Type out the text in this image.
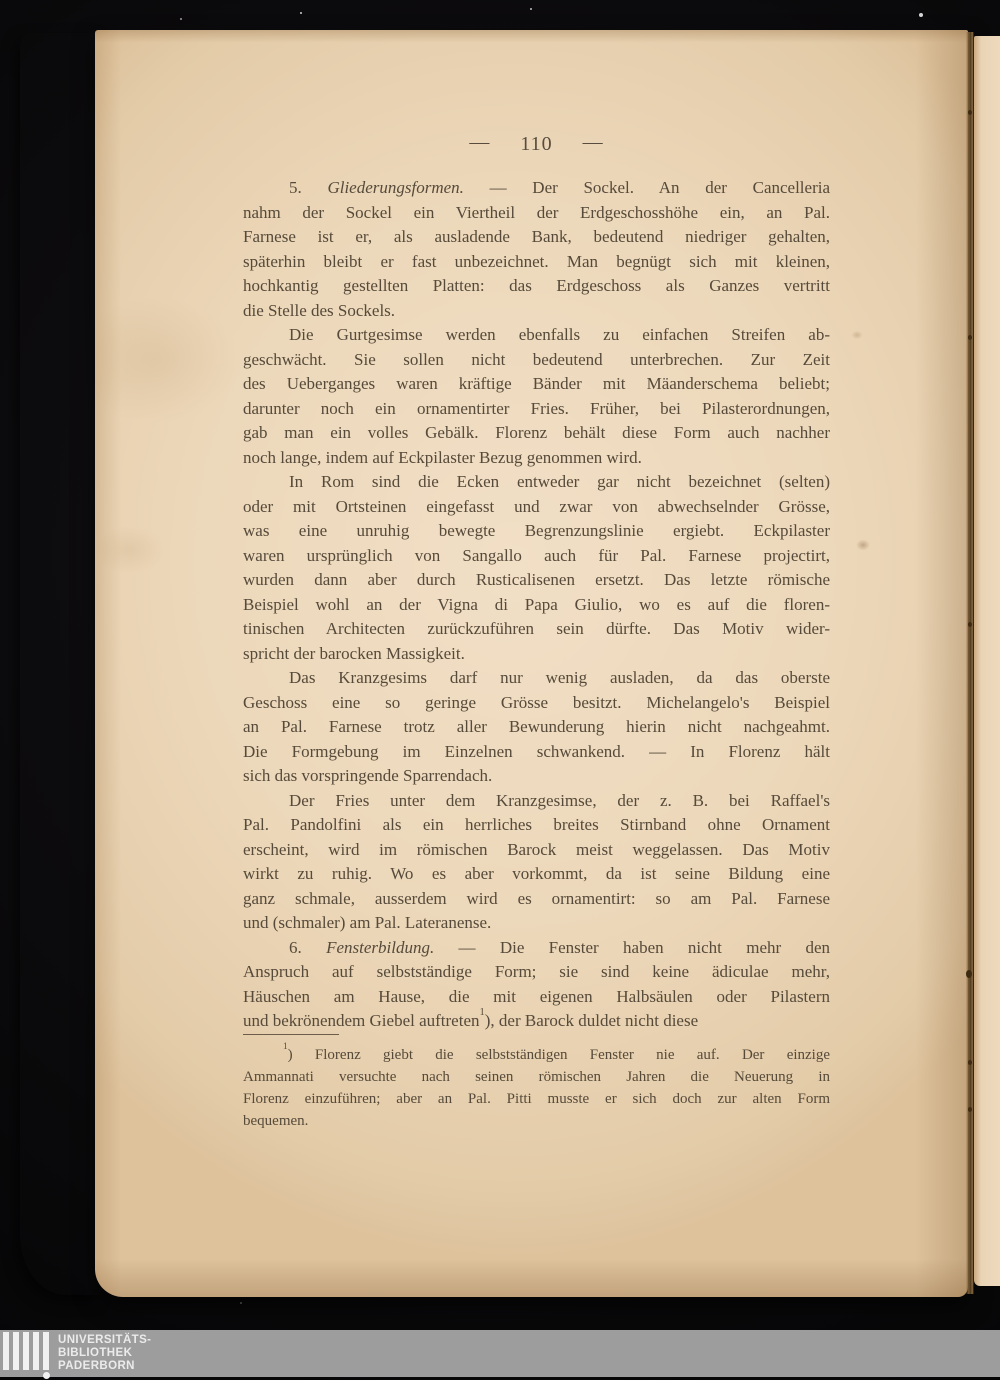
— 110 —
5. Gliederungsformen. — Der Sockel. An der Cancelleria
nahm der Sockel ein Viertheil der Erdgeschosshöhe ein, an Pal.
Farnese ist er, als ausladende Bank, bedeutend niedriger gehalten,
späterhin bleibt er fast unbezeichnet. Man begnügt sich mit kleinen,
hochkantig gestellten Platten: das Erdgeschoss als Ganzes vertritt
die Stelle des Sockels.
Die Gurtgesimse werden ebenfalls zu einfachen Streifen ab-
geschwächt. Sie sollen nicht bedeutend unterbrechen. Zur Zeit
des Ueberganges waren kräftige Bänder mit Mäanderschema beliebt;
darunter noch ein ornamentirter Fries. Früher, bei Pilasterordnungen,
gab man ein volles Gebälk. Florenz behält diese Form auch nachher
noch lange, indem auf Eckpilaster Bezug genommen wird.
In Rom sind die Ecken entweder gar nicht bezeichnet (selten)
oder mit Ortsteinen eingefasst und zwar von abwechselnder Grösse,
was eine unruhig bewegte Begrenzungslinie ergiebt. Eckpilaster
waren ursprünglich von Sangallo auch für Pal. Farnese projectirt,
wurden dann aber durch Rusticalisenen ersetzt. Das letzte römische
Beispiel wohl an der Vigna di Papa Giulio, wo es auf die floren-
tinischen Architecten zurückzuführen sein dürfte. Das Motiv wider-
spricht der barocken Massigkeit.
Das Kranzgesims darf nur wenig ausladen, da das oberste
Geschoss eine so geringe Grösse besitzt. Michelangelo's Beispiel
an Pal. Farnese trotz aller Bewunderung hierin nicht nachgeahmt.
Die Formgebung im Einzelnen schwankend. — In Florenz hält
sich das vorspringende Sparrendach.
Der Fries unter dem Kranzgesimse, der z. B. bei Raffael's
Pal. Pandolfini als ein herrliches breites Stirnband ohne Ornament
erscheint, wird im römischen Barock meist weggelassen. Das Motiv
wirkt zu ruhig. Wo es aber vorkommt, da ist seine Bildung eine
ganz schmale, ausserdem wird es ornamentirt: so am Pal. Farnese
und (schmaler) am Pal. Lateranense.
6. Fensterbildung. — Die Fenster haben nicht mehr den
Anspruch auf selbstständige Form; sie sind keine ädiculae mehr,
Häuschen am Hause, die mit eigenen Halbsäulen oder Pilastern
und bekrönendem Giebel auftreten$^1$), der Barock duldet nicht diese
$^1$) Florenz giebt die selbstständigen Fenster nie auf. Der einzige
Ammannati versuchte nach seinen römischen Jahren die Neuerung in
Florenz einzuführen; aber an Pal. Pitti musste er sich doch zur alten Form
bequemen.
UNIVERSITÄTS-
BIBLIOTHEK
PADERBORN
